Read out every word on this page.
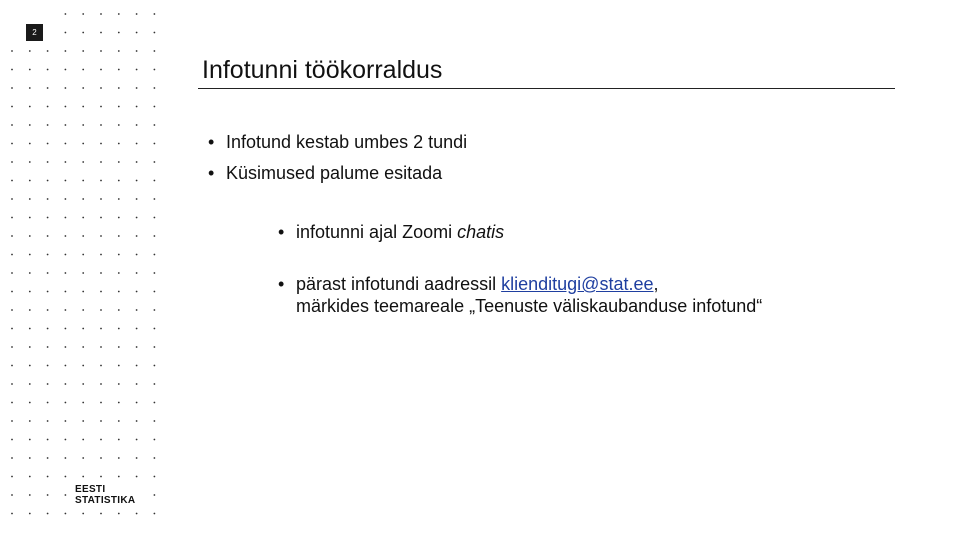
2
Infotunni töökorraldus
• Infotund kestab umbes 2 tundi
• Küsimused palume esitada
• infotunni ajal Zoomi chatis
• pärast infotundi aadressil klienditugi@stat.ee,
märkides teemareale „Teenuste väliskaubanduse infotund“
EESTI
STATISTIKA
